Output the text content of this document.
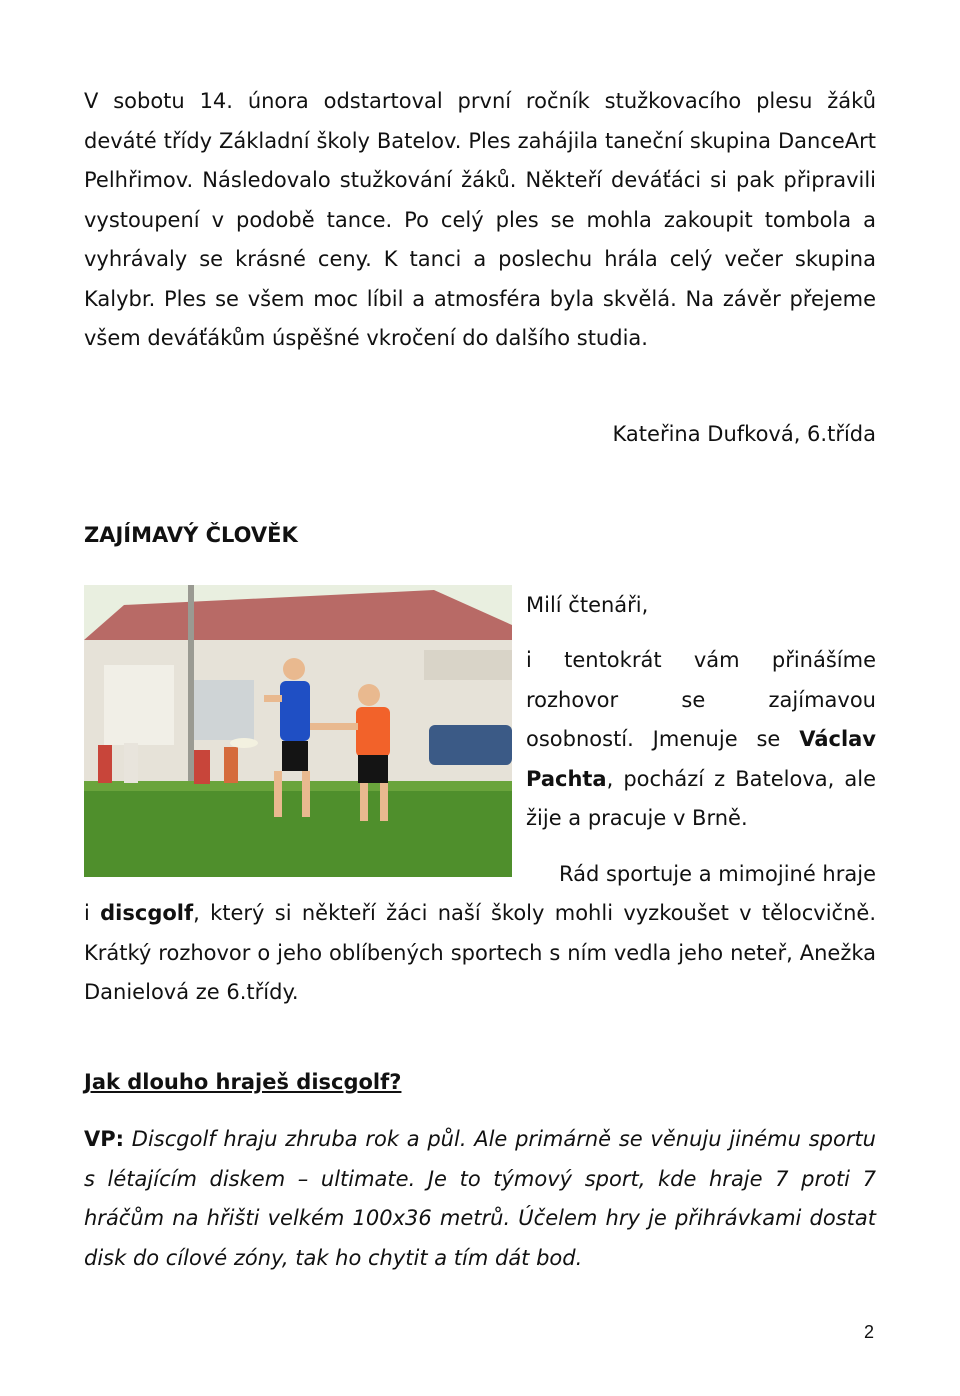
V sobotu 14. února odstartoval první ročník stužkovacího plesu žáků deváté třídy Základní školy Batelov. Ples zahájila taneční skupina DanceArt Pelhřimov. Následovalo stužkování žáků. Někteří deváťáci si pak připravili vystoupení v podobě tance. Po celý ples se mohla zakoupit tombola a vyhrávaly se krásné ceny. K tanci a poslechu hrála celý večer skupina Kalybr. Ples se všem moc líbil a atmosféra byla skvělá. Na závěr přejeme všem deváťákům úspěšné vkročení do dalšího studia.

Kateřina Dufková, 6.třída

ZAJÍMAVÝ ČLOVĚK

Milí čtenáři,

i tentokrát vám přinášíme rozhovor se zajímavou osobností. Jmenuje se Václav Pachta, pochází z Batelova, ale žije a pracuje v Brně.

Rád sportuje a mimojiné hraje

i discgolf, který si někteří žáci naší školy mohli vyzkoušet v tělocvičně. Krátký rozhovor o jeho oblíbených sportech s ním vedla jeho neteř, Anežka Danielová ze 6.třídy.

Jak dlouho hraješ discgolf?

VP: Discgolf hraju zhruba rok a půl. Ale primárně se věnuju jinému sportu s létajícím diskem – ultimate. Je to týmový sport, kde hraje 7 proti 7 hráčům na hřišti velkém 100x36 metrů. Účelem hry je přihrávkami dostat disk do cílové zóny, tak ho chytit a tím dát bod.

2
